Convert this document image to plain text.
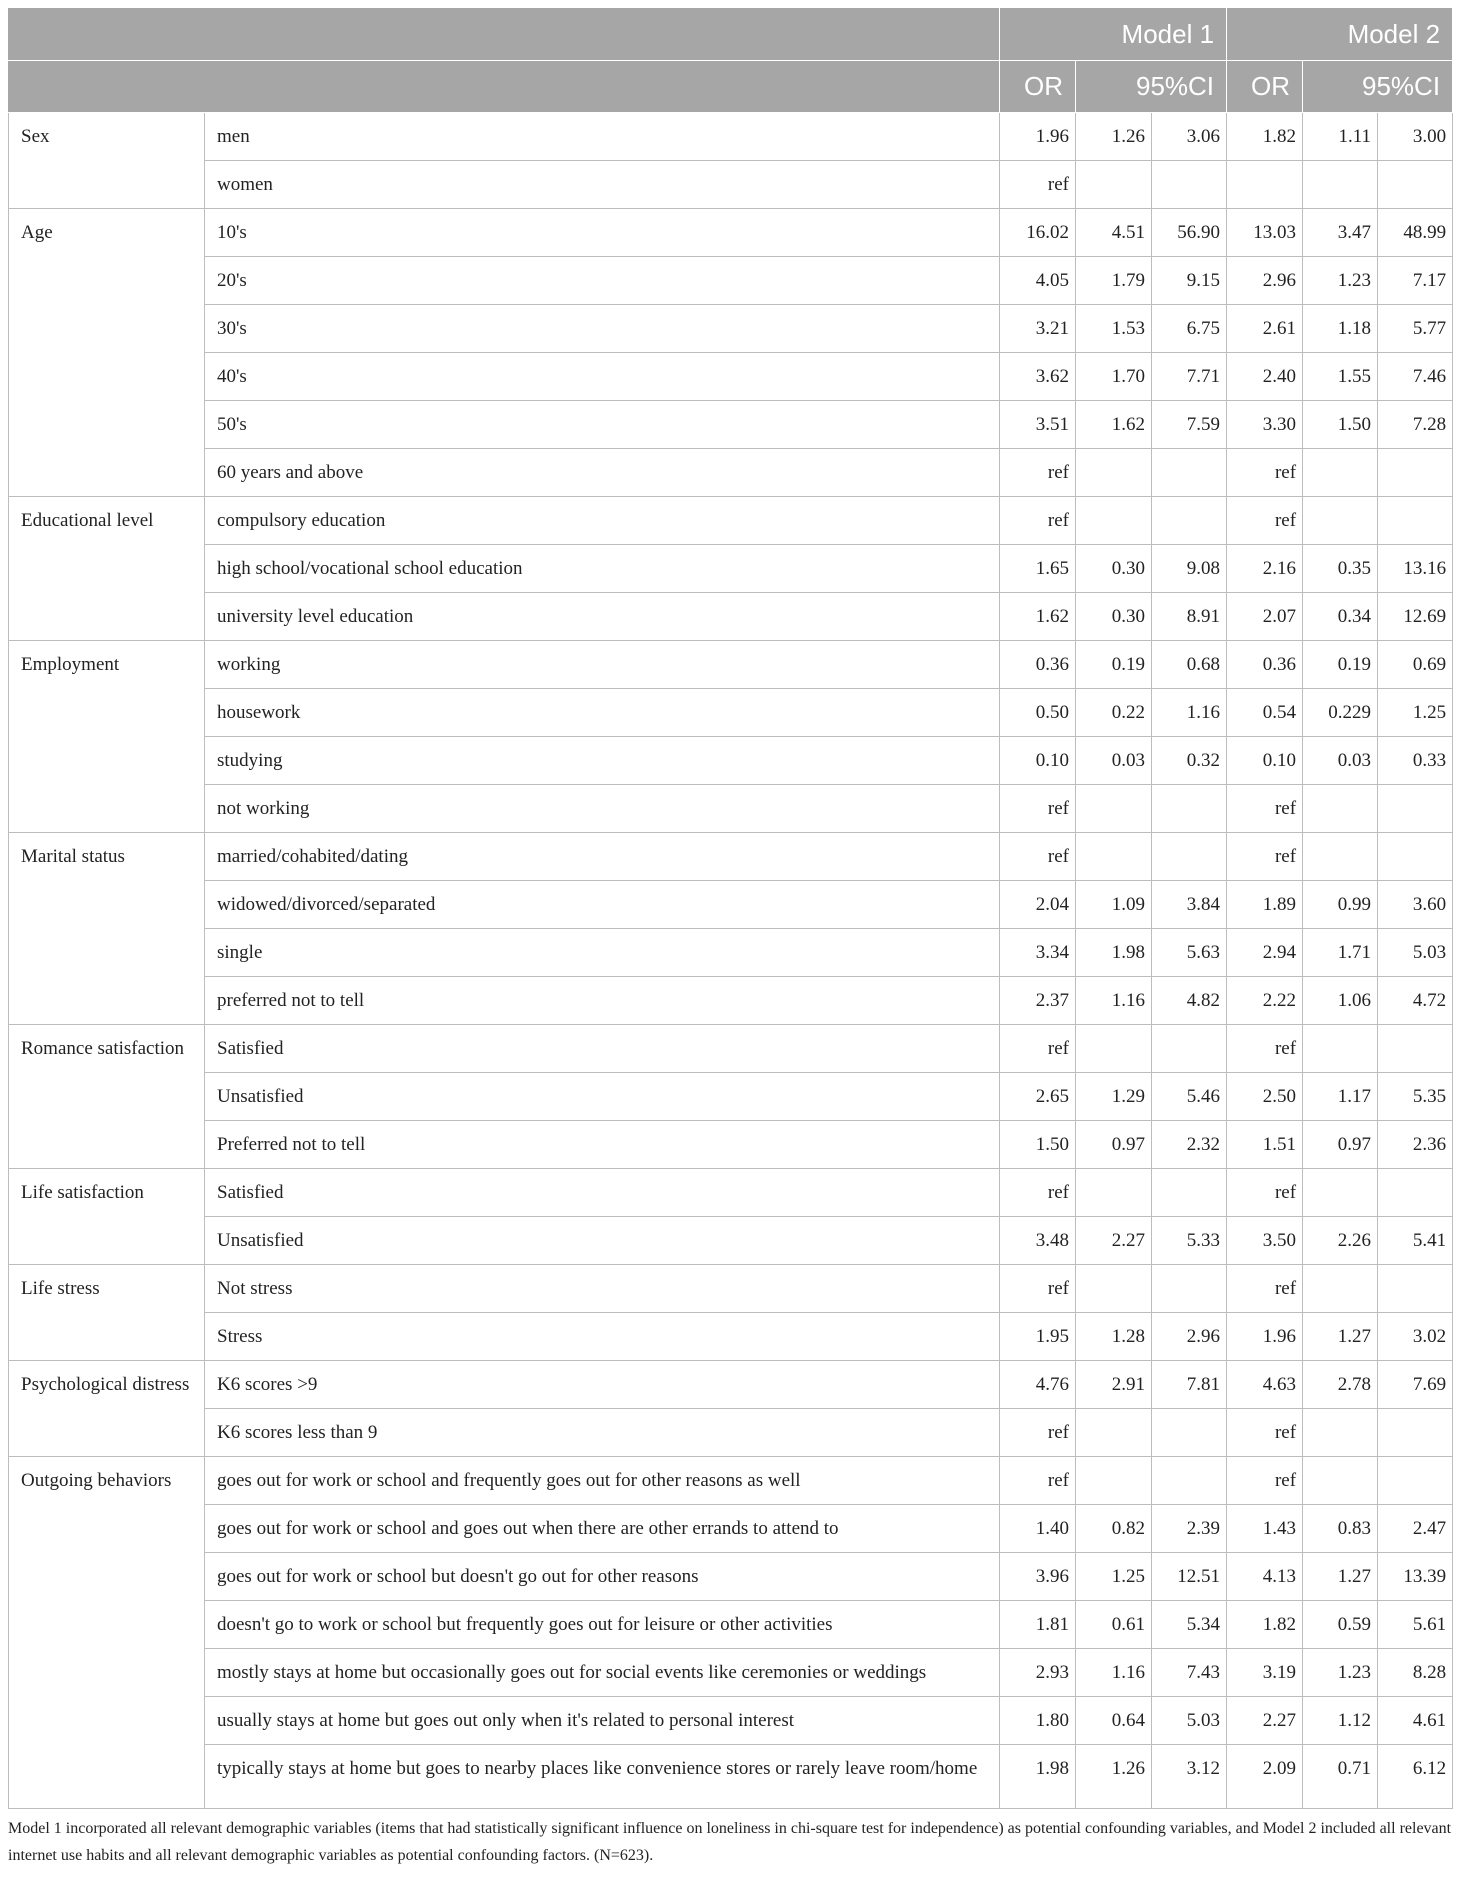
		Model 1			Model 2		
		OR	95%CI		OR	95%CI	
Sex	men	1.96	1.26	3.06	1.82	1.11	3.00
	women	ref					
Age	10's	16.02	4.51	56.90	13.03	3.47	48.99
	20's	4.05	1.79	9.15	2.96	1.23	7.17
	30's	3.21	1.53	6.75	2.61	1.18	5.77
	40's	3.62	1.70	7.71	2.40	1.55	7.46
	50's	3.51	1.62	7.59	3.30	1.50	7.28
	60 years and above	ref			ref		
Educational level	compulsory education	ref			ref		
	high school/vocational school education	1.65	0.30	9.08	2.16	0.35	13.16
	university level education	1.62	0.30	8.91	2.07	0.34	12.69
Employment	working	0.36	0.19	0.68	0.36	0.19	0.69
	housework	0.50	0.22	1.16	0.54	0.229	1.25
	studying	0.10	0.03	0.32	0.10	0.03	0.33
	not working	ref			ref		
Marital status	married/cohabited/dating	ref			ref		
	widowed/divorced/separated	2.04	1.09	3.84	1.89	0.99	3.60
	single	3.34	1.98	5.63	2.94	1.71	5.03
	preferred not to tell	2.37	1.16	4.82	2.22	1.06	4.72
Romance satisfaction	Satisfied	ref			ref		
	Unsatisfied	2.65	1.29	5.46	2.50	1.17	5.35
	Preferred not to tell	1.50	0.97	2.32	1.51	0.97	2.36
Life satisfaction	Satisfied	ref			ref		
	Unsatisfied	3.48	2.27	5.33	3.50	2.26	5.41
Life stress	Not stress	ref			ref		
	Stress	1.95	1.28	2.96	1.96	1.27	3.02
Psychological distress	K6 scores >9	4.76	2.91	7.81	4.63	2.78	7.69
	K6 scores less than 9	ref			ref		
Outgoing behaviors	goes out for work or school and frequently goes out for other reasons as well	ref			ref		
	goes out for work or school and goes out when there are other errands to attend to	1.40	0.82	2.39	1.43	0.83	2.47
	goes out for work or school but doesn't go out for other reasons	3.96	1.25	12.51	4.13	1.27	13.39
	doesn't go to work or school but frequently goes out for leisure or other activities	1.81	0.61	5.34	1.82	0.59	5.61
	mostly stays at home but occasionally goes out for social events like ceremonies or weddings	2.93	1.16	7.43	3.19	1.23	8.28
	usually stays at home but goes out only when it's related to personal interest	1.80	0.64	5.03	2.27	1.12	4.61
	typically stays at home but goes to nearby places like convenience stores or rarely leave room/home	1.98	1.26	3.12	2.09	0.71	6.12
Model 1 incorporated all relevant demographic variables (items that had statistically significant influence on loneliness in chi-square test for independence) as potential confounding variables, and Model 2 included all relevant internet use habits and all relevant demographic variables as potential confounding factors. (N=623).
